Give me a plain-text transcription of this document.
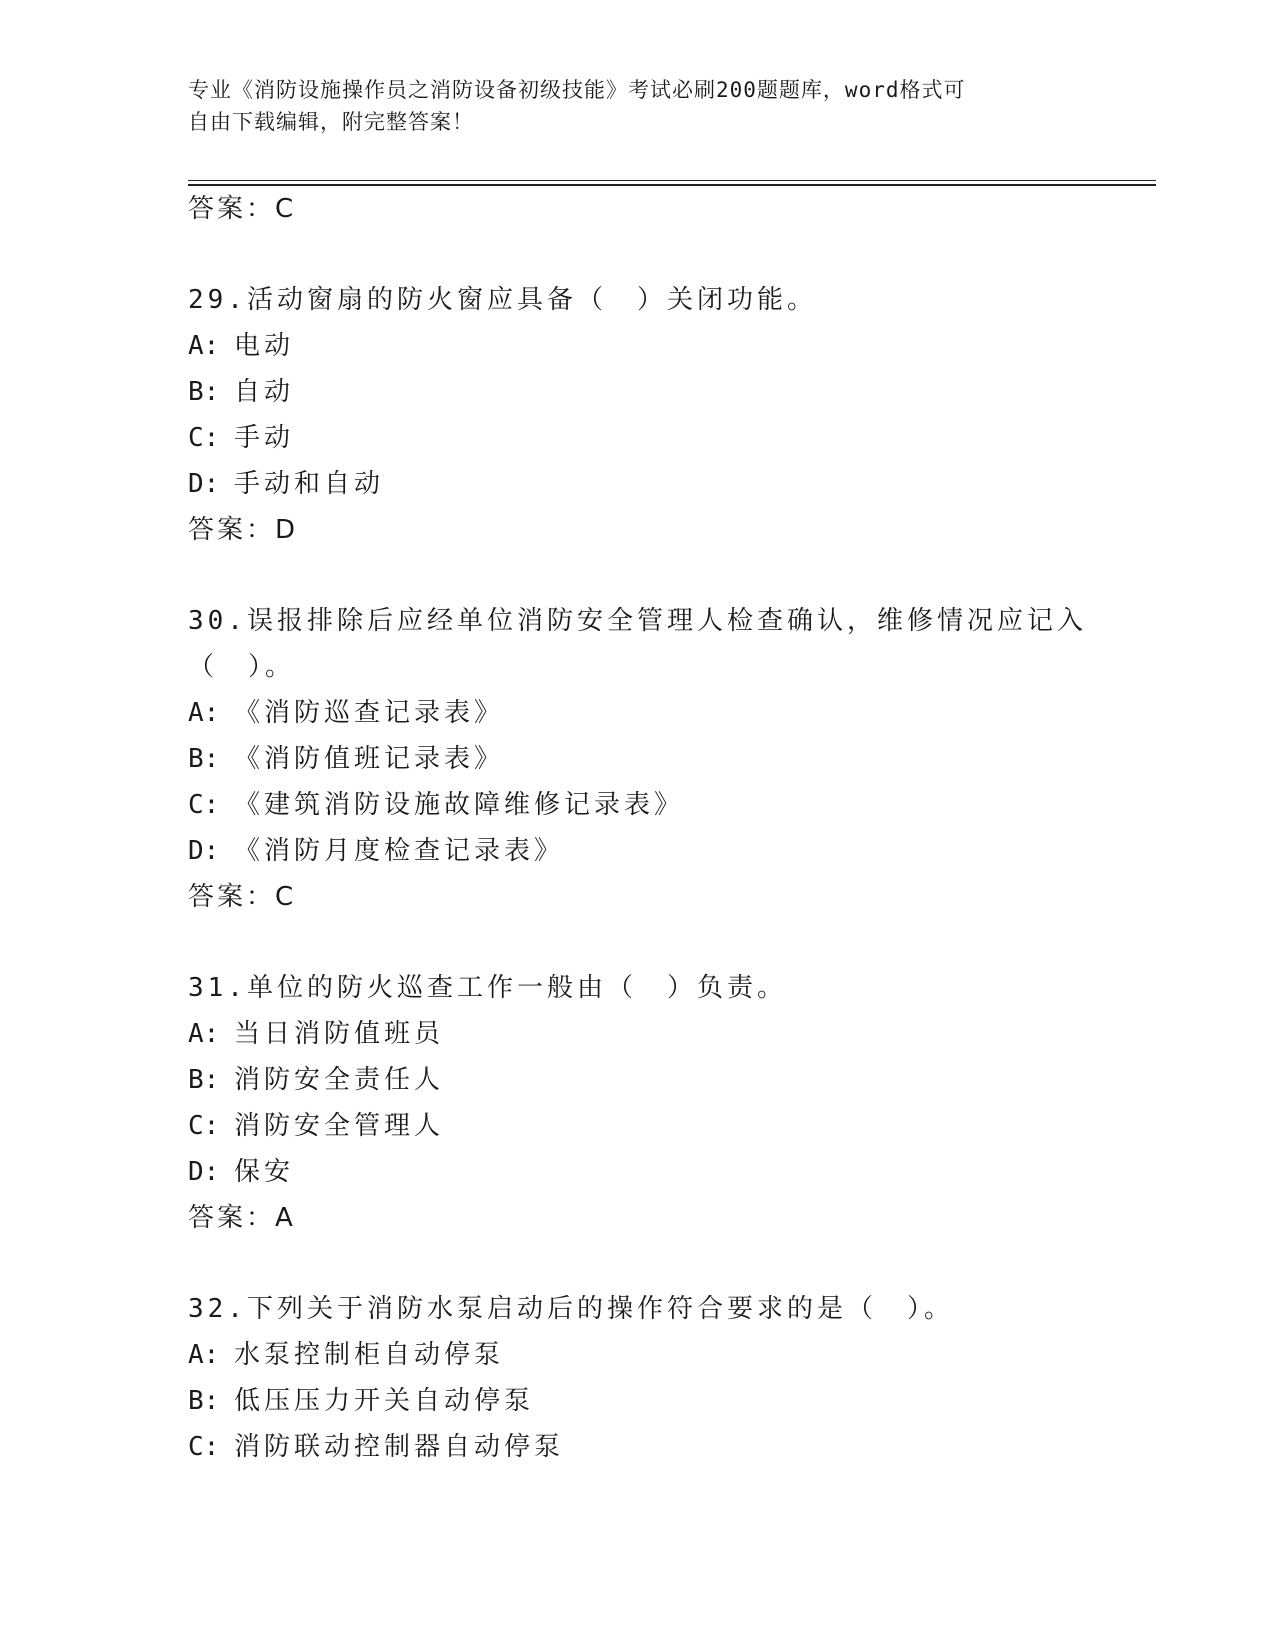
专业《消防设施操作员之消防设备初级技能》考试必刷200题题库，word格式可
自由下载编辑，附完整答案！
答案：C
29.活动窗扇的防火窗应具备（　）关闭功能。
A: 电动
B: 自动
C: 手动
D: 手动和自动
答案：D
30.误报排除后应经单位消防安全管理人检查确认，维修情况应记入（　）。
A: 《消防巡查记录表》
B: 《消防值班记录表》
C: 《建筑消防设施故障维修记录表》
D: 《消防月度检查记录表》
答案：C
31.单位的防火巡查工作一般由（　）负责。
A: 当日消防值班员
B: 消防安全责任人
C: 消防安全管理人
D: 保安
答案：A
32.下列关于消防水泵启动后的操作符合要求的是（　）。
A: 水泵控制柜自动停泵
B: 低压压力开关自动停泵
C: 消防联动控制器自动停泵
